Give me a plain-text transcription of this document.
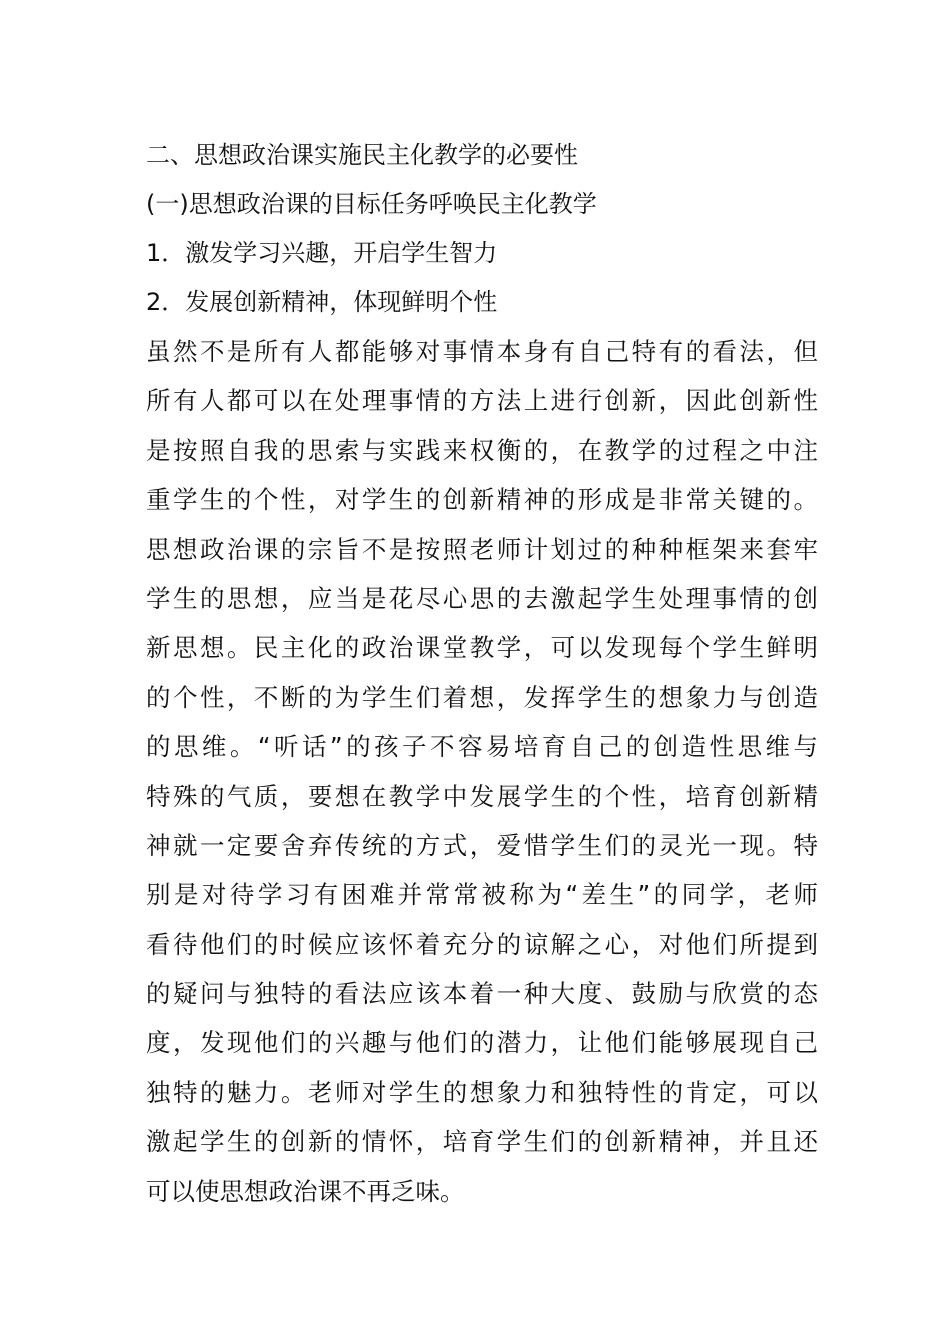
二、思想政治课实施民主化教学的必要性

(一)思想政治课的目标任务呼唤民主化教学

1．激发学习兴趣，开启学生智力

2．发展创新精神，体现鲜明个性

虽然不是所有人都能够对事情本身有自己特有的看法，但
所有人都可以在处理事情的方法上进行创新，因此创新性
是按照自我的思索与实践来权衡的，在教学的过程之中注
重学生的个性，对学生的创新精神的形成是非常关键的。
思想政治课的宗旨不是按照老师计划过的种种框架来套牢
学生的思想，应当是花尽心思的去激起学生处理事情的创
新思想。民主化的政治课堂教学，可以发现每个学生鲜明
的个性，不断的为学生们着想，发挥学生的想象力与创造
的思维。“听话”的孩子不容易培育自己的创造性思维与
特殊的气质，要想在教学中发展学生的个性，培育创新精
神就一定要舍弃传统的方式，爱惜学生们的灵光一现。特
别是对待学习有困难并常常被称为“差生”的同学，老师
看待他们的时候应该怀着充分的谅解之心，对他们所提到
的疑问与独特的看法应该本着一种大度、鼓励与欣赏的态
度，发现他们的兴趣与他们的潜力，让他们能够展现自己
独特的魅力。老师对学生的想象力和独特性的肯定，可以
激起学生的创新的情怀，培育学生们的创新精神，并且还
可以使思想政治课不再乏味。
